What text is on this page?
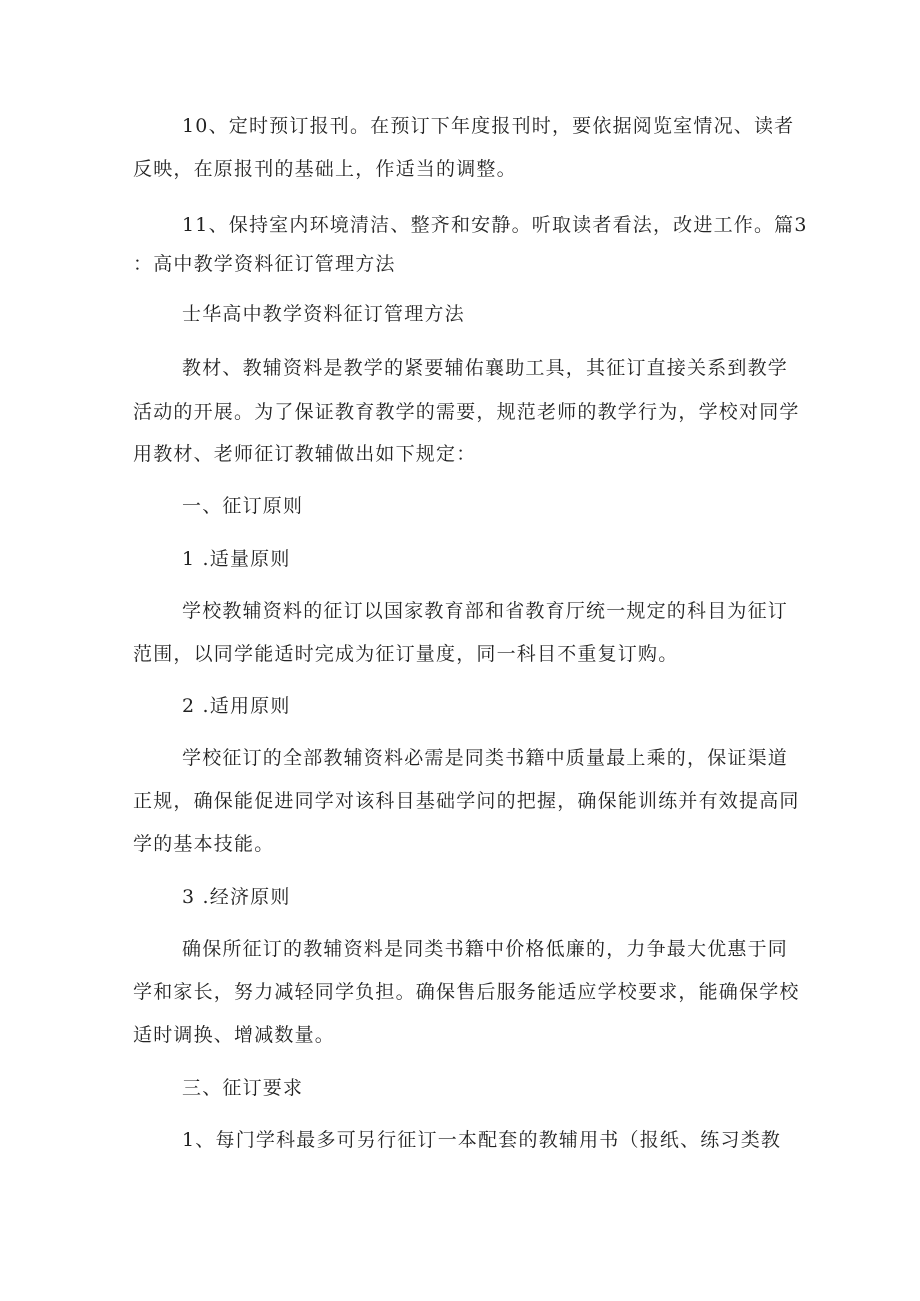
10、定时预订报刊。在预订下年度报刊时，要依据阅览室情况、读者
反映，在原报刊的基础上，作适当的调整。
11、保持室内环境清洁、整齐和安静。听取读者看法，改进工作。篇3
：高中教学资料征订管理方法
士华高中教学资料征订管理方法
教材、教辅资料是教学的紧要辅佑襄助工具，其征订直接关系到教学
活动的开展。为了保证教育教学的需要，规范老师的教学行为，学校对同学
用教材、老师征订教辅做出如下规定：
一、征订原则
1 .适量原则
学校教辅资料的征订以国家教育部和省教育厅统一规定的科目为征订
范围，以同学能适时完成为征订量度，同一科目不重复订购。
2 .适用原则
学校征订的全部教辅资料必需是同类书籍中质量最上乘的，保证渠道
正规，确保能促进同学对该科目基础学问的把握，确保能训练并有效提高同
学的基本技能。
3 .经济原则
确保所征订的教辅资料是同类书籍中价格低廉的，力争最大优惠于同
学和家长，努力减轻同学负担。确保售后服务能适应学校要求，能确保学校
适时调换、增减数量。
三、征订要求
1、每门学科最多可另行征订一本配套的教辅用书（报纸、练习类教
